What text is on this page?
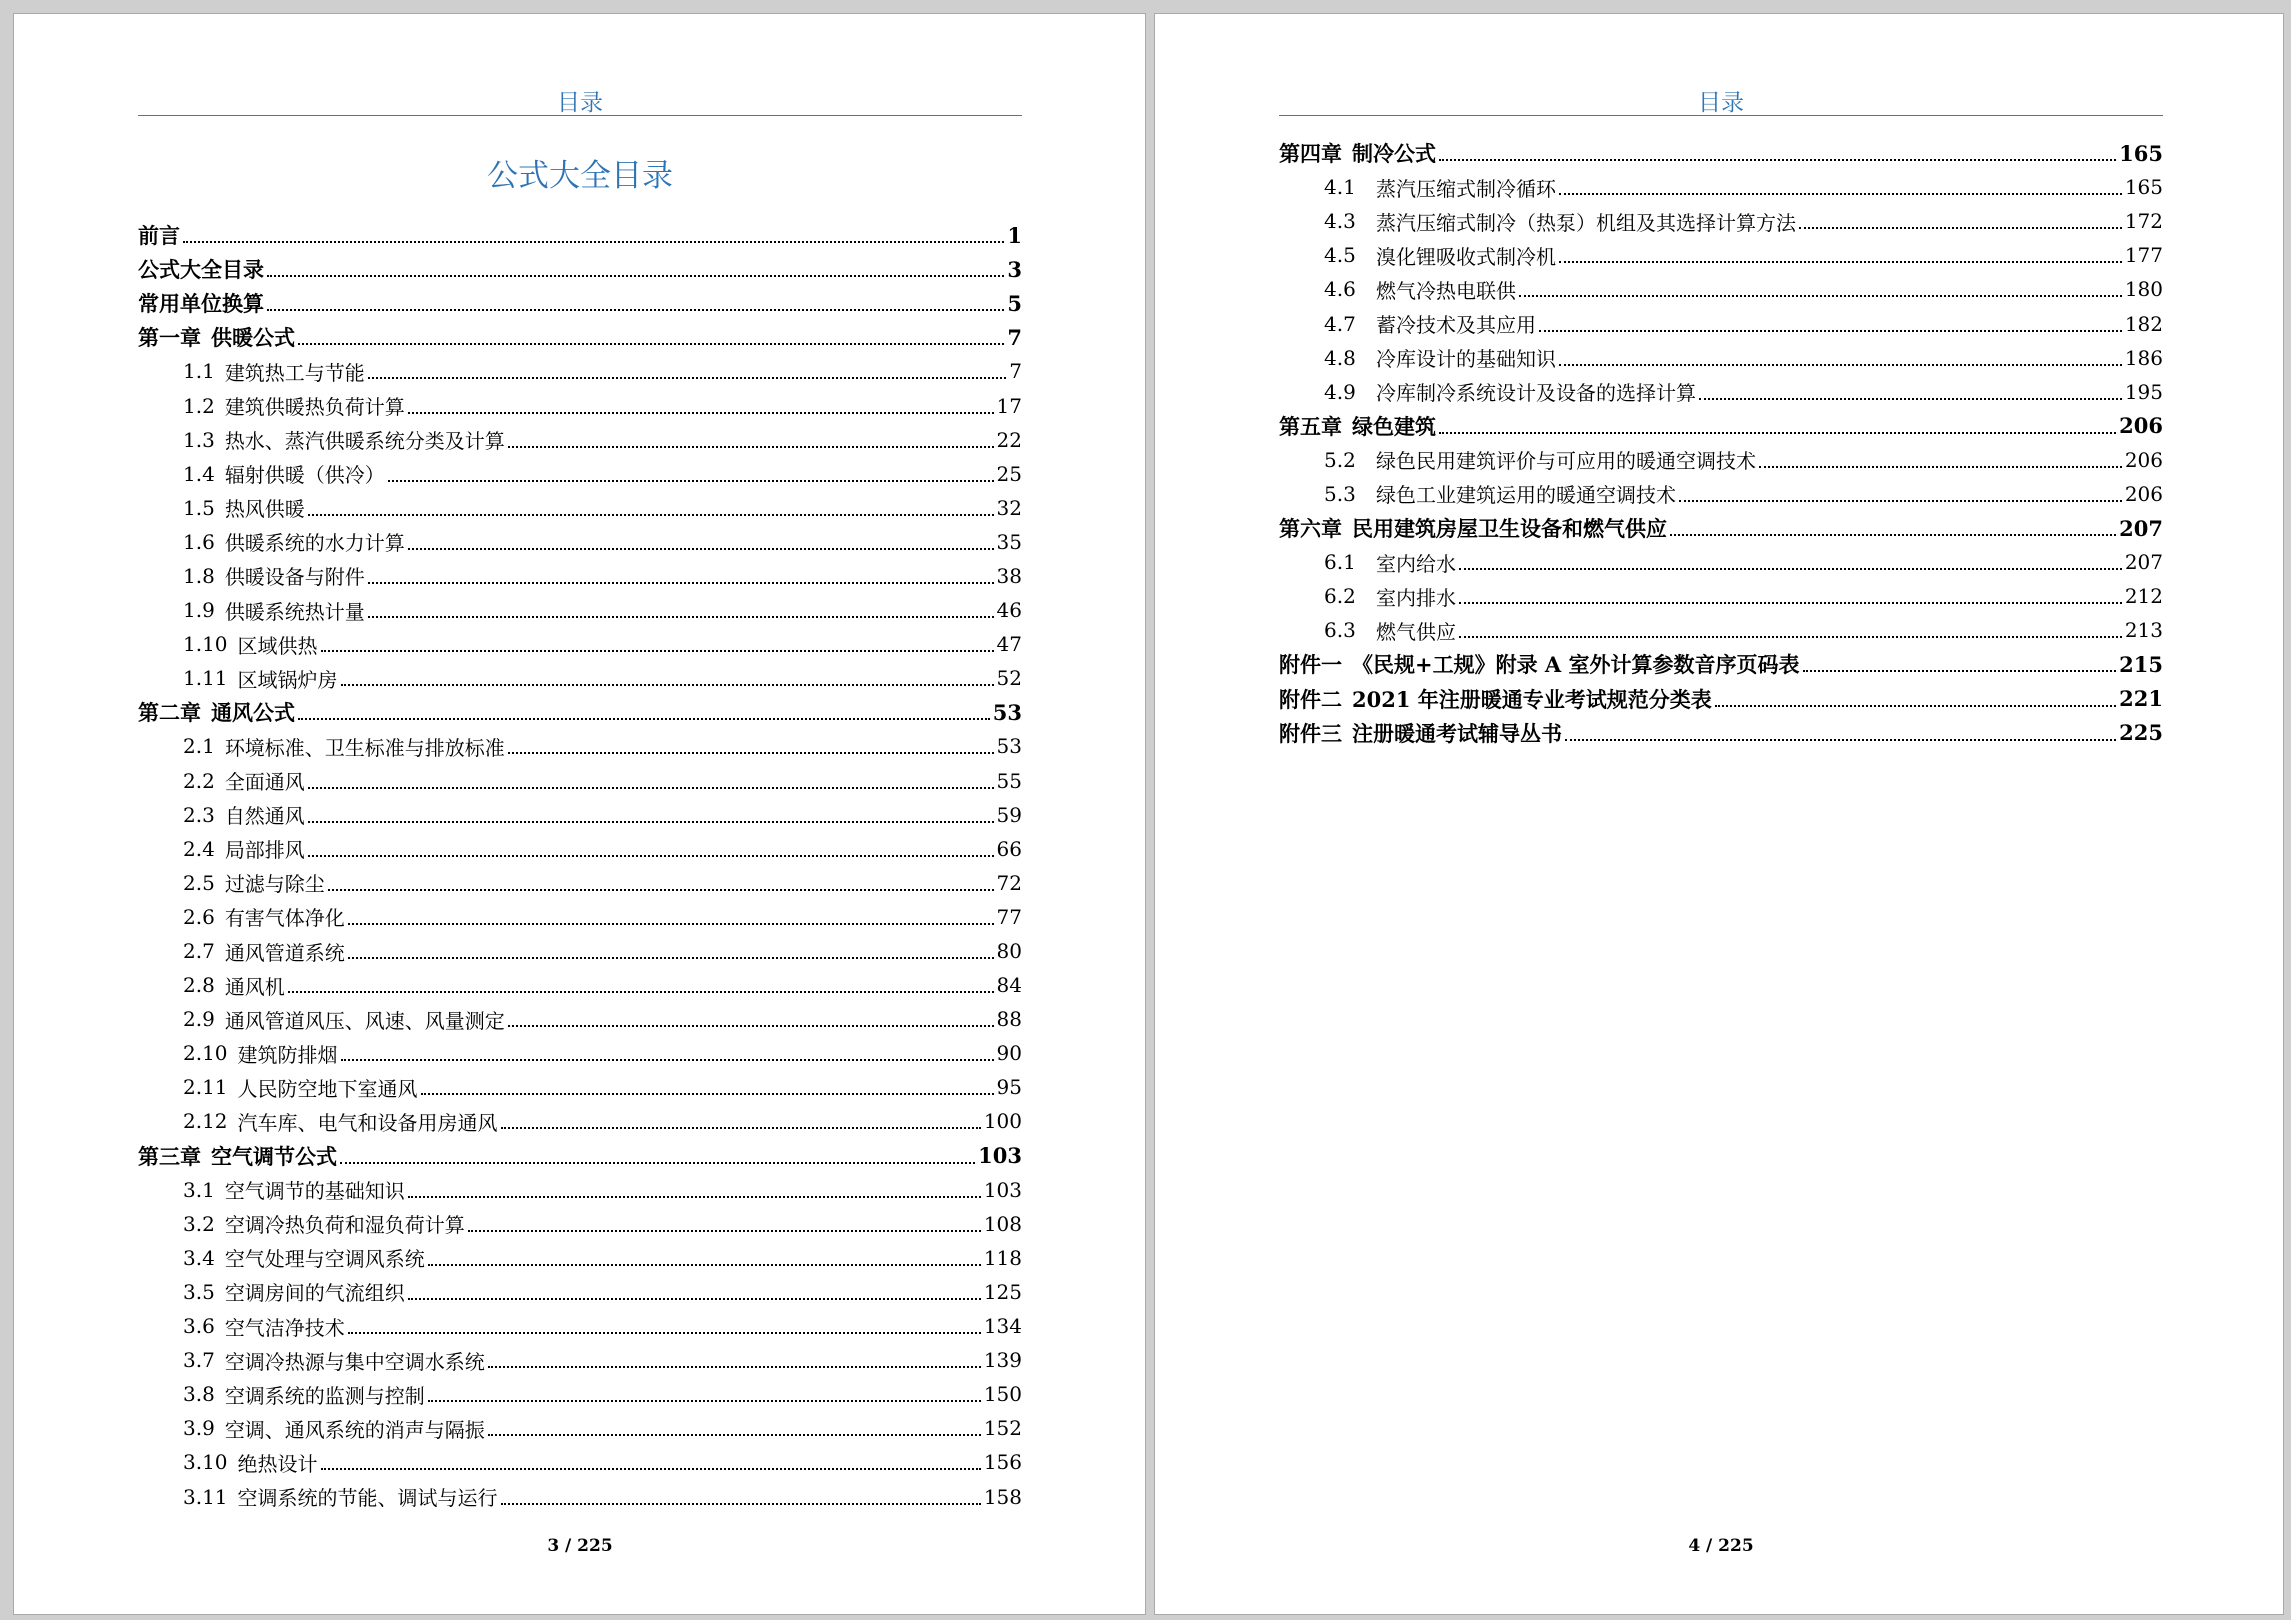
目录
公式大全目录
前言	1
公式大全目录	3
常用单位换算	5
第一章 供暖公式	7
1.1 建筑热工与节能	7
1.2 建筑供暖热负荷计算	17
1.3 热水、蒸汽供暖系统分类及计算	22
1.4 辐射供暖（供冷）	25
1.5 热风供暖	32
1.6 供暖系统的水力计算	35
1.8 供暖设备与附件	38
1.9 供暖系统热计量	46
1.10 区域供热	47
1.11 区域锅炉房	52
第二章 通风公式	53
2.1 环境标准、卫生标准与排放标准	53
2.2 全面通风	55
2.3 自然通风	59
2.4 局部排风	66
2.5 过滤与除尘	72
2.6 有害气体净化	77
2.7 通风管道系统	80
2.8 通风机	84
2.9 通风管道风压、风速、风量测定	88
2.10 建筑防排烟	90
2.11 人民防空地下室通风	95
2.12 汽车库、电气和设备用房通风	100
第三章 空气调节公式	103
3.1 空气调节的基础知识	103
3.2 空调冷热负荷和湿负荷计算	108
3.4 空气处理与空调风系统	118
3.5 空调房间的气流组织	125
3.6 空气洁净技术	134
3.7 空调冷热源与集中空调水系统	139
3.8 空调系统的监测与控制	150
3.9 空调、通风系统的消声与隔振	152
3.10 绝热设计	156
3.11 空调系统的节能、调试与运行	158
3 / 225
目录
第四章 制冷公式	165
4.1	蒸汽压缩式制冷循环	165
4.3	蒸汽压缩式制冷（热泵）机组及其选择计算方法	172
4.5	溴化锂吸收式制冷机	177
4.6	燃气冷热电联供	180
4.7	蓄冷技术及其应用	182
4.8	冷库设计的基础知识	186
4.9	冷库制冷系统设计及设备的选择计算	195
第五章 绿色建筑	206
5.2	绿色民用建筑评价与可应用的暖通空调技术	206
5.3	绿色工业建筑运用的暖通空调技术	206
第六章 民用建筑房屋卫生设备和燃气供应	207
6.1	室内给水	207
6.2	室内排水	212
6.3	燃气供应	213
附件一 《民规+工规》附录 A 室外计算参数音序页码表	215
附件二 2021 年注册暖通专业考试规范分类表	221
附件三 注册暖通考试辅导丛书	225
4 / 225
